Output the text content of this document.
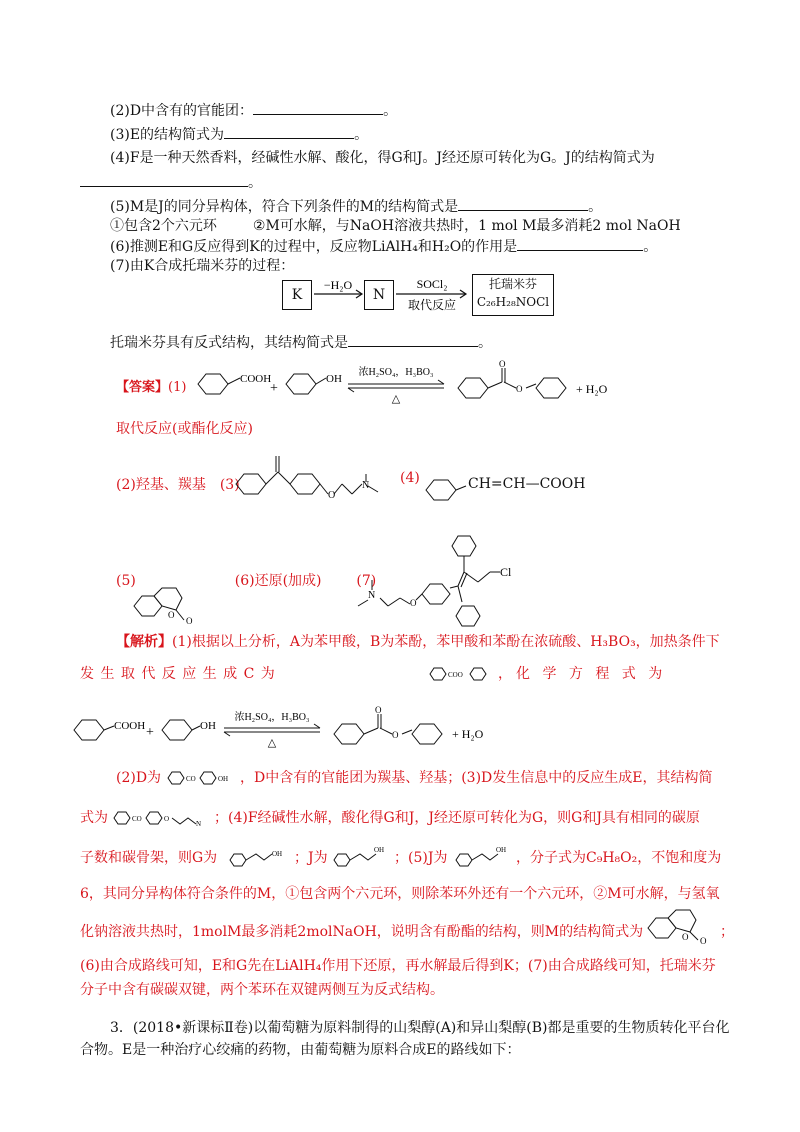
(2)D中含有的官能团：	。
(3)E的结构简式为	。
(4)F是一种天然香料，经碱性水解、酸化，得G和J。J经还原可转化为G。J的结构简式为
。
(5)M是J的同分异构体，符合下列条件的M的结构简式是	。
①包含2个六元环	②M可水解，与NaOH溶液共热时，1 mol M最多消耗2 mol NaOH
(6)推测E和G反应得到K的过程中，反应物LiAlH₄和H₂O的作用是	。
(7)由K合成托瑞米芬的过程：
K
−H₂O
N
SOCl₂
取代反应
托瑞米芬
C₂₆H₂₈NOCl
托瑞米芬具有反式结构，其结构简式是	。
【答案】(1)
COOH
+
OH
浓H₂SO₄，H₃BO₃
△
O
O	+ H₂O
取代反应(或酯化反应)
(2)羟基、羰基 (3)
O
N (4)	CH=CH—COOH
(5)	(6)还原(加成) (7)
O
O
Cl
O
N
【解析】(1)根据以上分析，A为苯甲酸，B为苯酚，苯甲酸和苯酚在浓硫酸、H₃BO₃，加热条件下
发 生 取 代 反 应 生 成 C 为	COO	，化 学 方 程 式 为
COOH +	OH
浓H₂SO₄，H₃BO₃
△
O
O	+ H₂O
(2)D为	CO	OH ，D中含有的官能团为羰基、羟基；(3)D发生信息中的反应生成E，其结构简
式为	CO	O
N ；(4)F经碱性水解，酸化得G和J，J经还原可转化为G，则G和J具有相同的碳原
子数和碳骨架，则G为	OH ；J为	OH ；(5)J为	OH ，分子式为C₉H₈O₂，不饱和度为
6，其同分异构体符合条件的M，①包含两个六元环，则除苯环外还有一个六元环，②M可水解，与氢氧
化钠溶液共热时，1molM最多消耗2molNaOH，说明含有酚酯的结构，则M的结构简式为	O O
；
(6)由合成路线可知，E和G先在LiAlH₄作用下还原，再水解最后得到K；(7)由合成路线可知，托瑞米芬
分子中含有碳碳双键，两个苯环在双键两侧互为反式结构。
3．(2018•新课标Ⅱ卷)以葡萄糖为原料制得的山梨醇(A)和异山梨醇(B)都是重要的生物质转化平台化
合物。E是一种治疗心绞痛的药物，由葡萄糖为原料合成E的路线如下：
